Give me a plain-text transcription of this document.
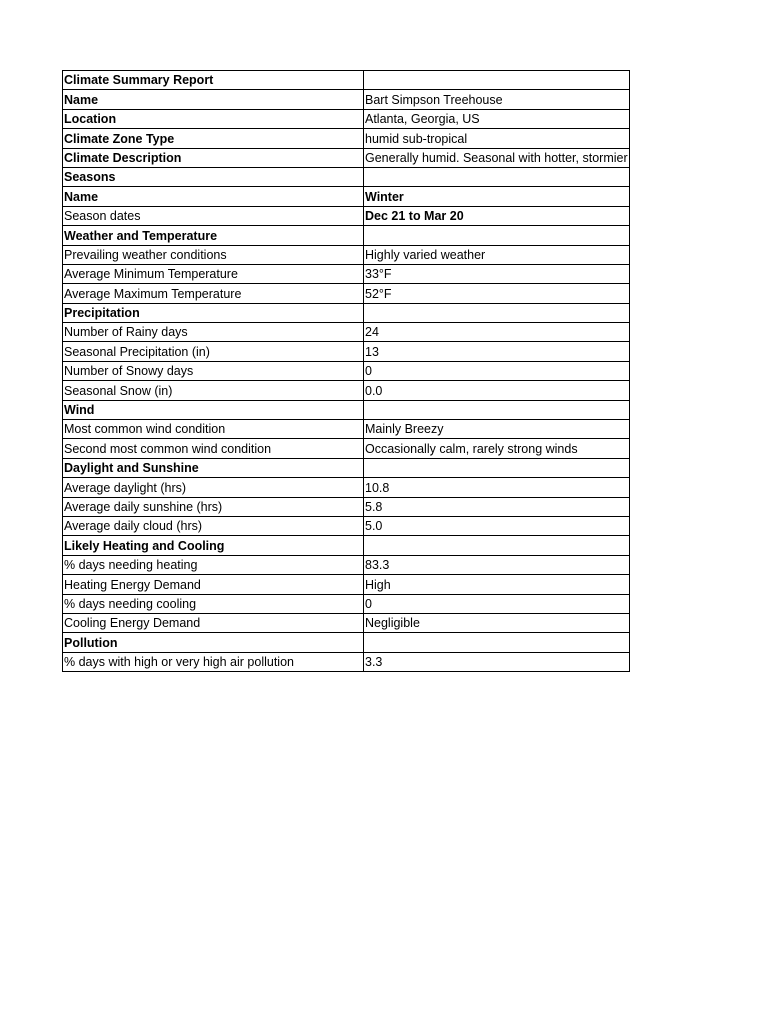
Climate Summary Report	
Name	Bart Simpson Treehouse
Location	Atlanta, Georgia, US
Climate Zone Type	humid sub-tropical
Climate Description	Generally humid. Seasonal with hotter, stormier
Seasons	
Name	Winter
Season dates	Dec 21 to Mar 20
Weather and Temperature	
Prevailing weather conditions	Highly varied weather
Average Minimum Temperature	33°F
Average Maximum Temperature	52°F
Precipitation	
Number of Rainy days	24
Seasonal Precipitation (in)	13
Number of Snowy days	0
Seasonal Snow (in)	0.0
Wind	
Most common wind condition	Mainly Breezy
Second most common wind condition	Occasionally calm, rarely strong winds
Daylight and Sunshine	
Average daylight (hrs)	10.8
Average daily sunshine (hrs)	5.8
Average daily cloud (hrs)	5.0
Likely Heating and Cooling	
% days needing heating	83.3
Heating Energy Demand	High
% days needing cooling	0
Cooling Energy Demand	Negligible
Pollution	
% days with high or very high air pollution	3.3
